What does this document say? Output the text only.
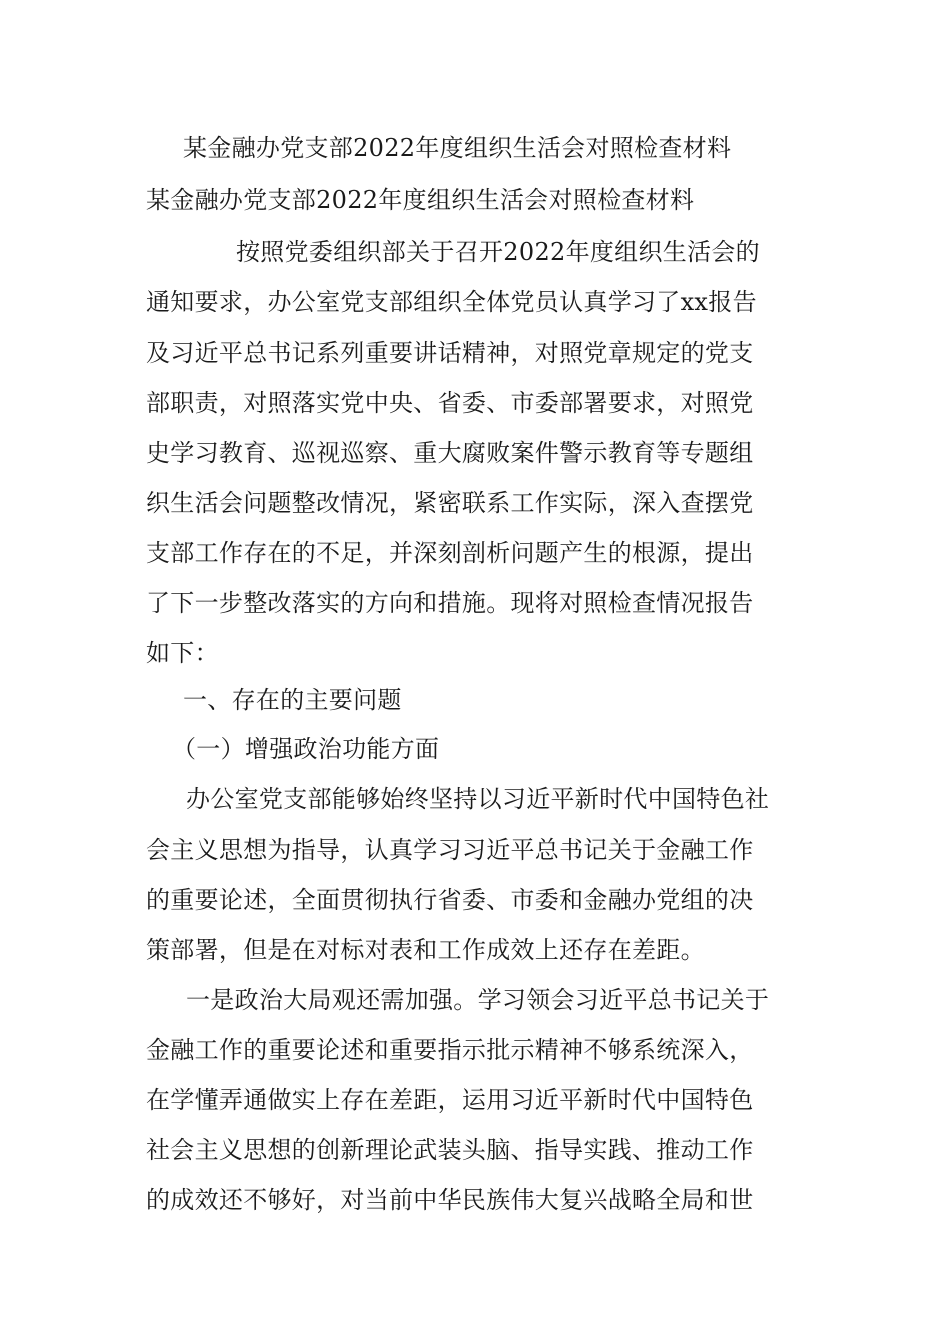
某金融办党支部2022年度组织生活会对照检查材料
某金融办党支部2022年度组织生活会对照检查材料
按照党委组织部关于召开2022年度组织生活会的
通知要求，办公室党支部组织全体党员认真学习了xx报告
及习近平总书记系列重要讲话精神，对照党章规定的党支
部职责，对照落实党中央、省委、市委部署要求，对照党
史学习教育、巡视巡察、重大腐败案件警示教育等专题组
织生活会问题整改情况，紧密联系工作实际，深入查摆党
支部工作存在的不足，并深刻剖析问题产生的根源，提出
了下一步整改落实的方向和措施。现将对照检查情况报告
如下：
一、存在的主要问题
（一）增强政治功能方面
办公室党支部能够始终坚持以习近平新时代中国特色社
会主义思想为指导，认真学习习近平总书记关于金融工作
的重要论述，全面贯彻执行省委、市委和金融办党组的决
策部署，但是在对标对表和工作成效上还存在差距。
一是政治大局观还需加强。学习领会习近平总书记关于
金融工作的重要论述和重要指示批示精神不够系统深入，
在学懂弄通做实上存在差距，运用习近平新时代中国特色
社会主义思想的创新理论武装头脑、指导实践、推动工作
的成效还不够好，对当前中华民族伟大复兴战略全局和世
